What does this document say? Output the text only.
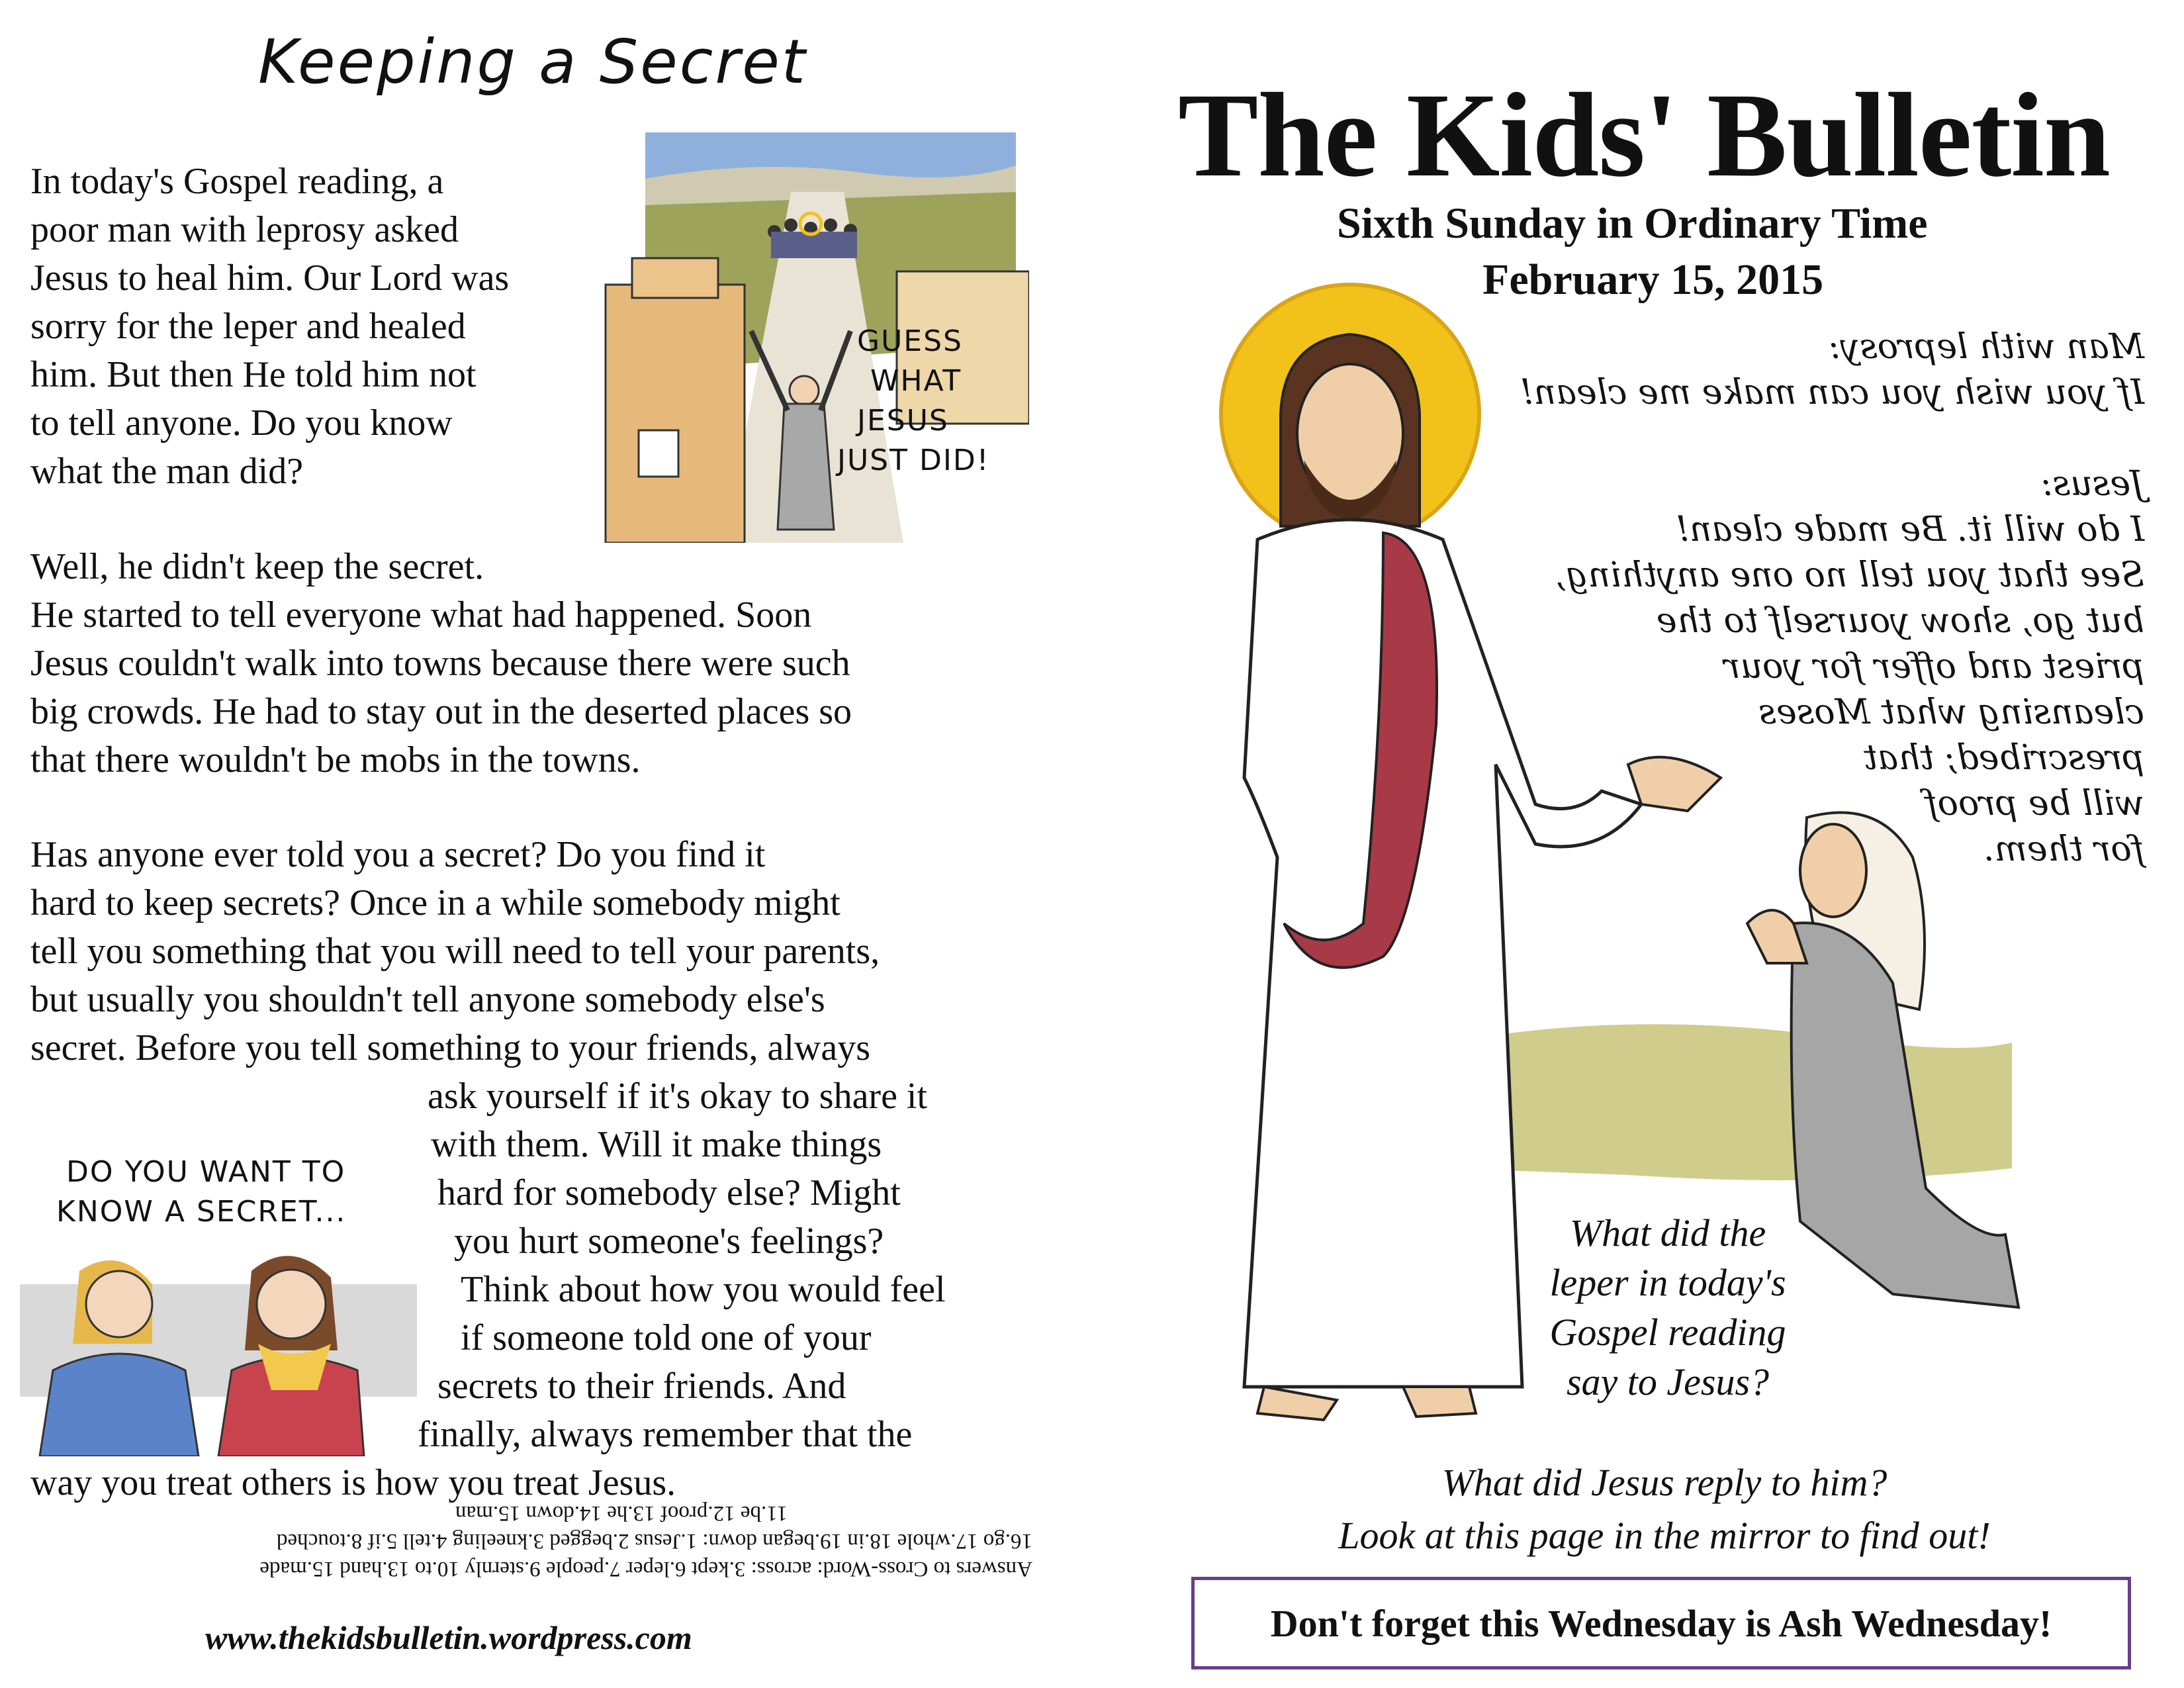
Keeping a Secret
In today's Gospel reading, a
poor man with leprosy asked
Jesus to heal him. Our Lord was
sorry for the leper and healed
him. But then He told him not
to tell anyone. Do you know
what the man did?
Well, he didn't keep the secret.
He started to tell everyone what had happened. Soon
Jesus couldn't walk into towns because there were such
big crowds. He had to stay out in the deserted places so
that there wouldn't be mobs in the towns.
Has anyone ever told you a secret? Do you find it
hard to keep secrets? Once in a while somebody might
tell you something that you will need to tell your parents,
but usually you shouldn't tell anyone somebody else's
secret. Before you tell something to your friends, always
ask yourself if it's okay to share it
with them. Will it make things
hard for somebody else? Might
you hurt someone's feelings?
Think about how you would feel
if someone told one of your
secrets to their friends. And
finally, always remember that the
way you treat others is how you treat Jesus.
GUESS
WHAT
JESUS
JUST DID!
DO YOU WANT TO
KNOW A SECRET...
Answers to Cross-Word: across: 3.kept 6.leper 7.people 9.sternly 10.to 13.hand 15.made
16.go 17.whole 18.in 19.began down: 1.Jesus 2.begged 3.kneeling 4.tell 5.if 8.touched
11.be 12.proof 13.he 14.down 15.man
www.thekidsbulletin.wordpress.com
The Kids' Bulletin
Sixth Sunday in Ordinary Time
February 15, 2015
Man with leprosy:
If you wish you can make me clean!
Jesus:
I do will it. Be made clean!
See that you tell no one anything,
but go, show yourself to the
priest and offer for your
cleansing what Moses
prescribed; that
will be proof
for them.
What did the
leper in today's
Gospel reading
say to Jesus?
What did Jesus reply to him?
Look at this page in the mirror to find out!
Don't forget this Wednesday is Ash Wednesday!
